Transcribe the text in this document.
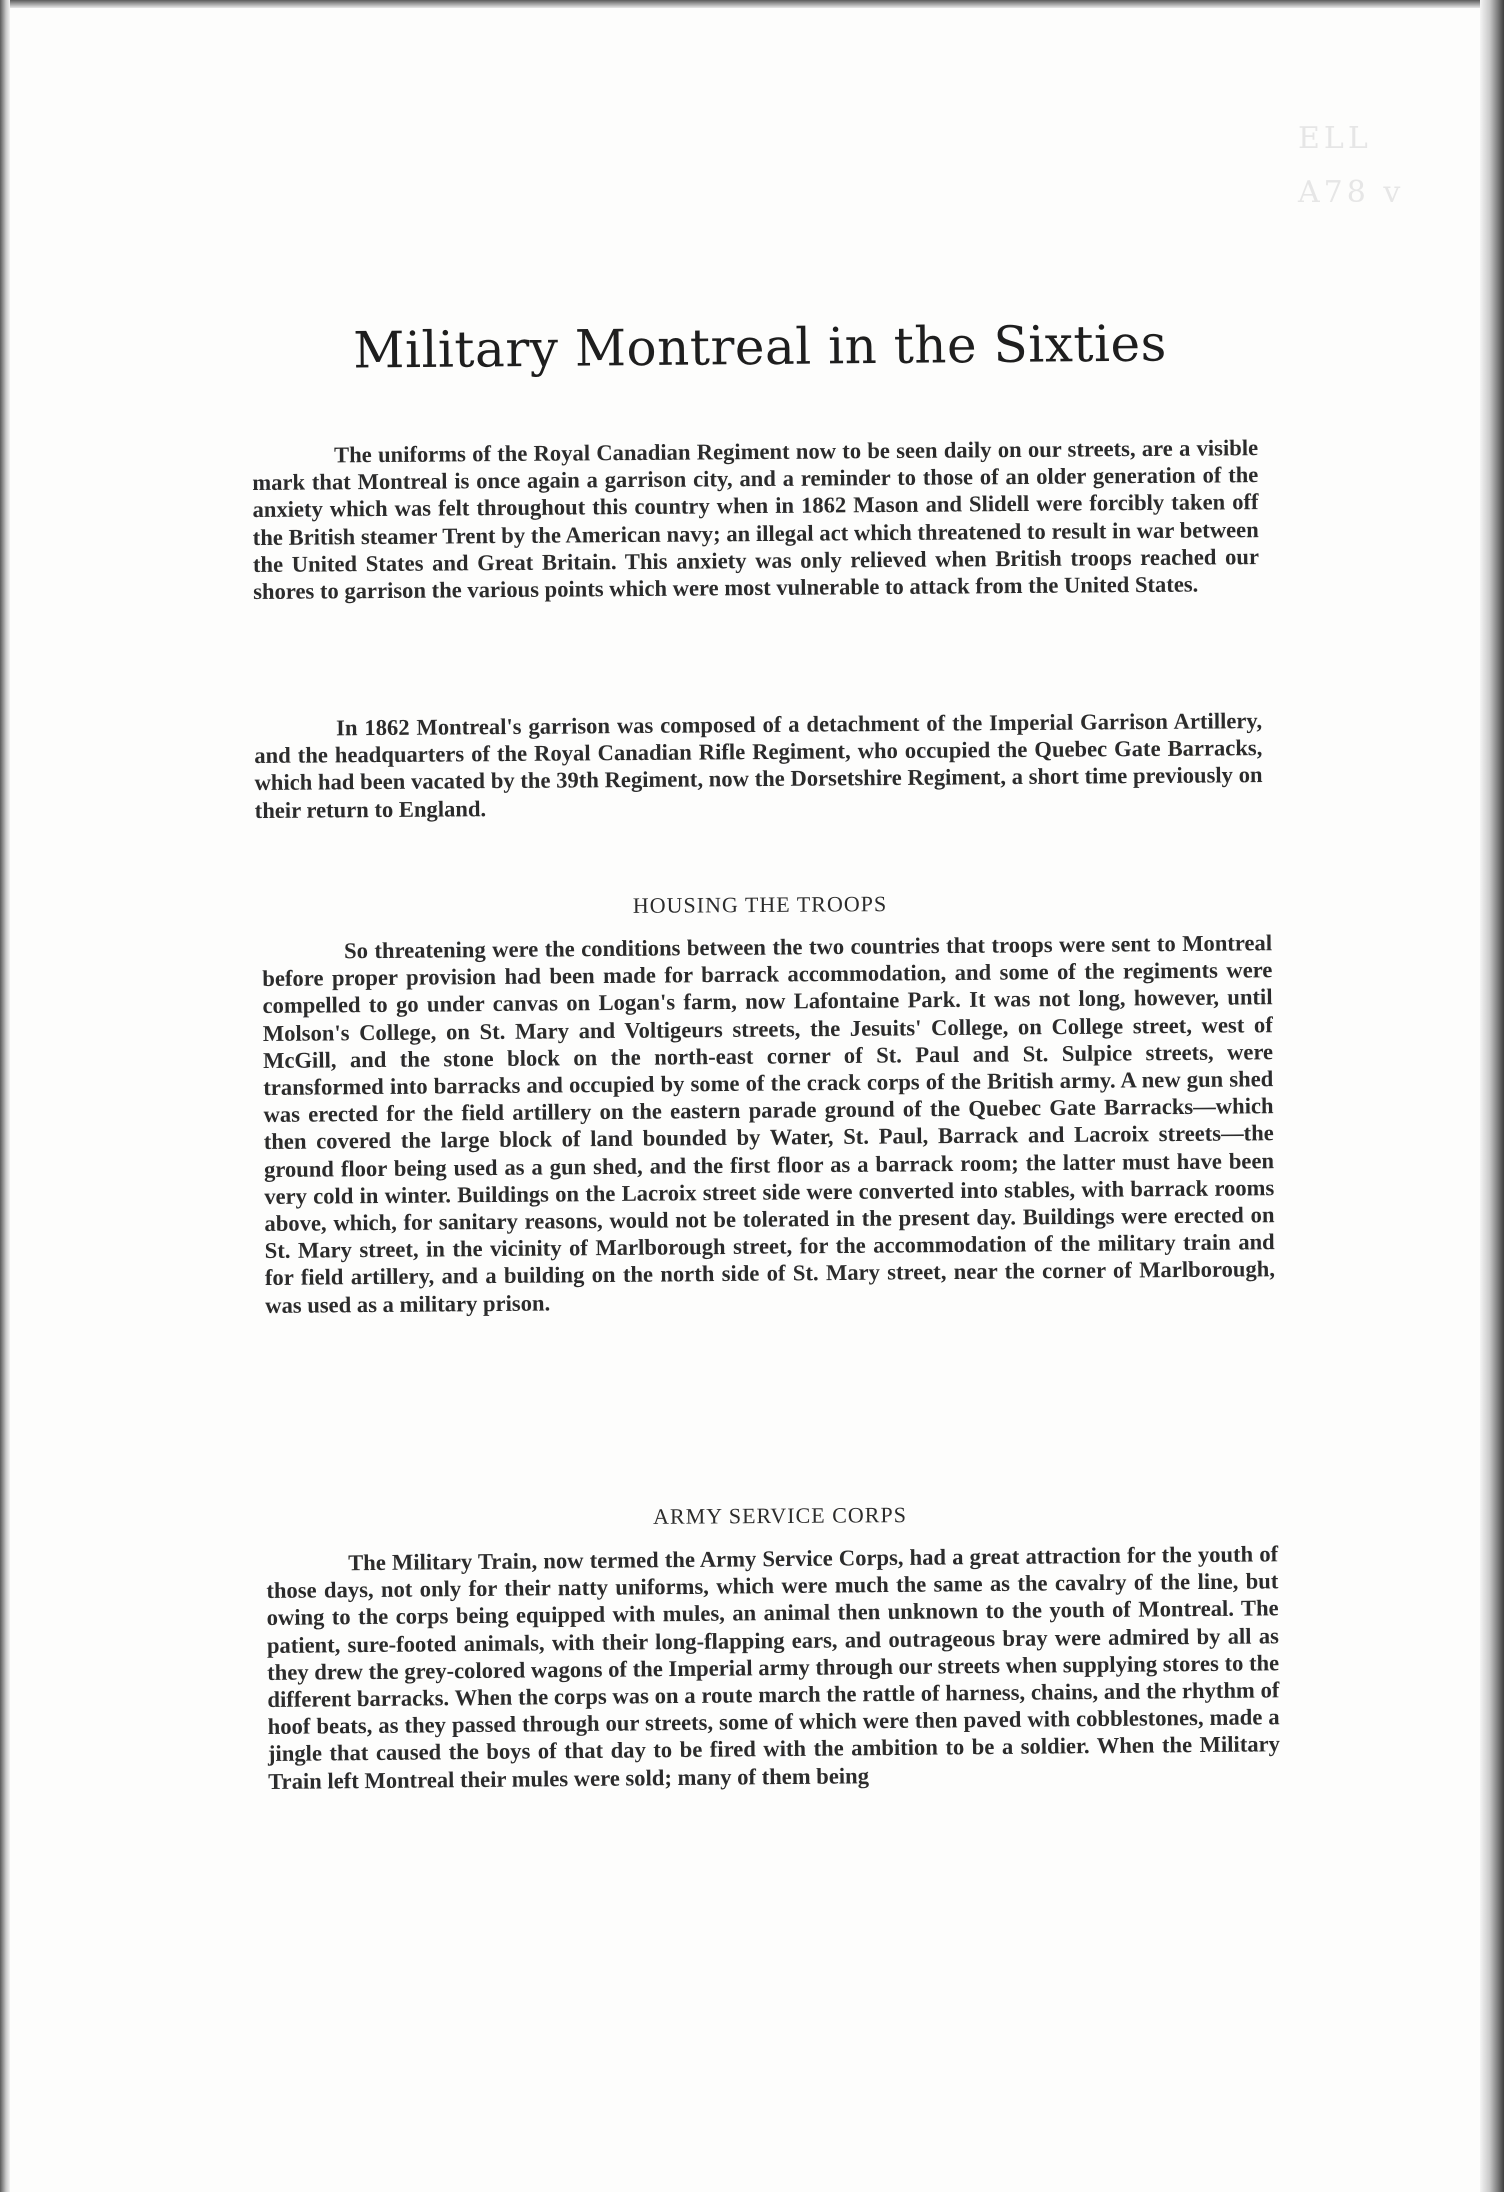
ELL
A78 v
Military Montreal in the Sixties

The uniforms of the Royal Canadian Regiment now to be seen daily on our streets, are a visible mark that Montreal is once again a garrison city, and a reminder to those of an older generation of the anxiety which was felt throughout this country when in 1862 Mason and Slidell were forcibly taken off the British steamer Trent by the American navy; an illegal act which threatened to result in war between the United States and Great Britain. This anxiety was only relieved when British troops reached our shores to garrison the various points which were most vulnerable to attack from the United States.

In 1862 Montreal's garrison was composed of a detachment of the Imperial Garrison Artillery, and the headquarters of the Royal Canadian Rifle Regiment, who occupied the Quebec Gate Barracks, which had been vacated by the 39th Regiment, now the Dorsetshire Regiment, a short time previously on their return to England.

HOUSING THE TROOPS

So threatening were the conditions between the two countries that troops were sent to Montreal before proper provision had been made for barrack accommodation, and some of the regiments were compelled to go under canvas on Logan's farm, now Lafontaine Park. It was not long, however, until Molson's College, on St. Mary and Voltigeurs streets, the Jesuits' College, on College street, west of McGill, and the stone block on the north-east corner of St. Paul and St. Sulpice streets, were transformed into barracks and occupied by some of the crack corps of the British army. A new gun shed was erected for the field artillery on the eastern parade ground of the Quebec Gate Barracks—which then covered the large block of land bounded by Water, St. Paul, Barrack and Lacroix streets—the ground floor being used as a gun shed, and the first floor as a barrack room; the latter must have been very cold in winter. Buildings on the Lacroix street side were converted into stables, with barrack rooms above, which, for sanitary reasons, would not be tolerated in the present day. Buildings were erected on St. Mary street, in the vicinity of Marlborough street, for the accommodation of the military train and for field artillery, and a building on the north side of St. Mary street, near the corner of Marlborough, was used as a military prison.

ARMY SERVICE CORPS

The Military Train, now termed the Army Service Corps, had a great attraction for the youth of those days, not only for their natty uniforms, which were much the same as the cavalry of the line, but owing to the corps being equipped with mules, an animal then unknown to the youth of Montreal. The patient, sure-footed animals, with their long-flapping ears, and outrageous bray were admired by all as they drew the grey-colored wagons of the Imperial army through our streets when supplying stores to the different barracks. When the corps was on a route march the rattle of harness, chains, and the rhythm of hoof beats, as they passed through our streets, some of which were then paved with cobblestones, made a jingle that caused the boys of that day to be fired with the ambition to be a soldier. When the Military Train left Montreal their mules were sold; many of them being
